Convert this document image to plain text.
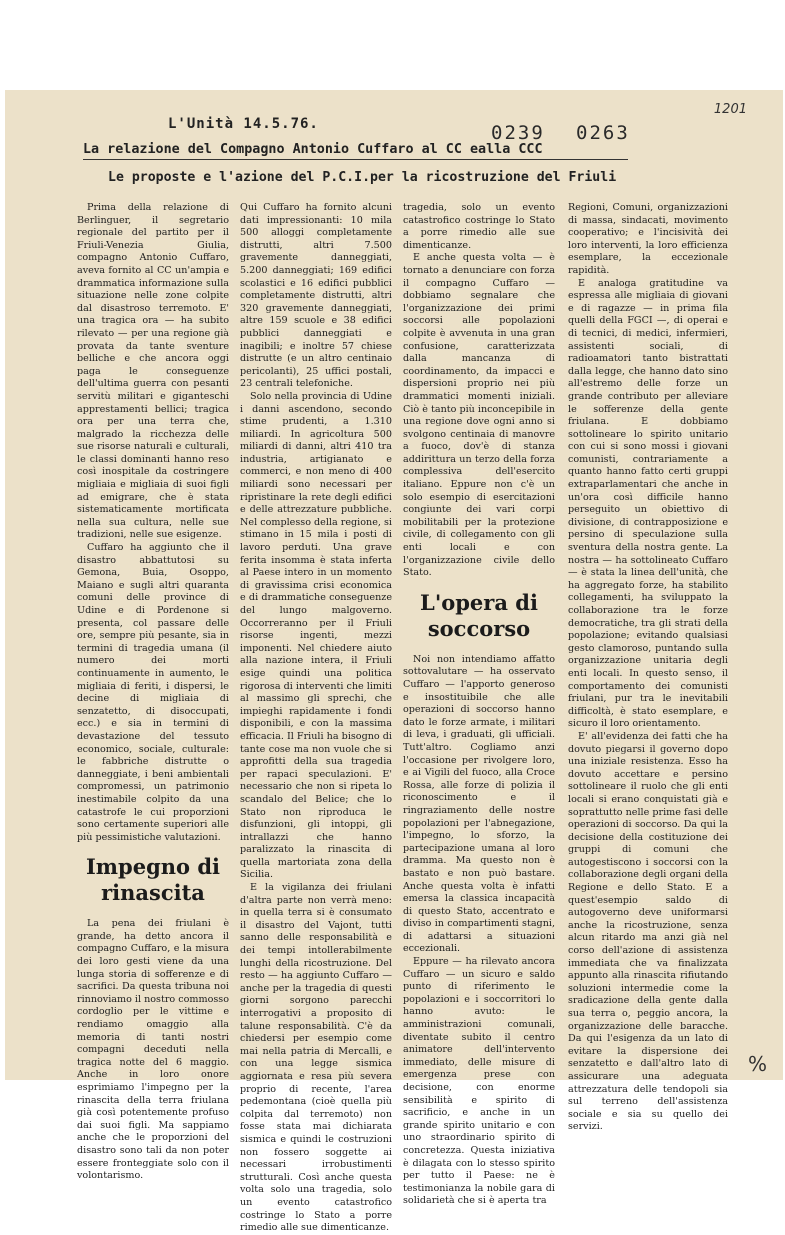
1201
L'Unità 14.5.76.	0239 0263
La relazione del Compagno Antonio Cuffaro al CC ealla CCC
Le proposte e l'azione del P.C.I.per la ricostruzione del Friuli

Prima della relazione di Berlinguer, il segretario regionale del partito per il Friuli-Venezia Giulia, compagno Antonio Cuffaro, aveva fornito al CC un'ampia e drammatica informazione sulla situazione nelle zone colpite dal disastroso terremoto. E' una tragica ora — ha subito rilevato — per una regione già provata da tante sventure belliche e che ancora oggi paga le conseguenze dell'ultima guerra con pesanti servitù militari e giganteschi apprestamenti bellici; tragica ora per una terra che, malgrado la ricchezza delle sue risorse naturali e culturali, le classi dominanti hanno reso così inospitale da costringere migliaia e migliaia di suoi figli ad emigrare, che è stata sistematicamente mortificata nella sua cultura, nelle sue tradizioni, nelle sue esigenze.

Cuffaro ha aggiunto che il disastro abbattutosi su Gemona, Buia, Osoppo, Maiano e sugli altri quaranta comuni delle province di Udine e di Pordenone si presenta, col passare delle ore, sempre più pesante, sia in termini di tragedia umana (il numero dei morti continuamente in aumento, le migliaia di feriti, i dispersi, le decine di migliaia di senzatetto, di disoccupati, ecc.) e sia in termini di devastazione del tessuto economico, sociale, culturale: le fabbriche distrutte o danneggiate, i beni ambientali compromessi, un patrimonio inestimabile colpito da una catastrofe le cui proporzioni sono certamente superiori alle più pessimistiche valutazioni.

Impegno di rinascita

La pena dei friulani è grande, ha detto ancora il compagno Cuffaro, e la misura dei loro gesti viene da una lunga storia di sofferenze e di sacrifici. Da questa tribuna noi rinnoviamo il nostro commosso cordoglio per le vittime e rendiamo omaggio alla memoria di tanti nostri compagni deceduti nella tragica notte del 6 maggio. Anche in loro onore esprimiamo l'impegno per la rinascita della terra friulana già così potentemente profuso dai suoi figli. Ma sappiamo anche che le proporzioni del disastro sono tali da non poter essere fronteggiate solo con il volontarismo.

Qui Cuffaro ha fornito alcuni dati impressionanti: 10 mila 500 alloggi completamente distrutti, altri 7.500 gravemente danneggiati, 5.200 danneggiati; 169 edifici scolastici e 16 edifici pubblici completamente distrutti, altri 320 gravemente danneggiati, altre 159 scuole e 38 edifici pubblici danneggiati e inagibili; e inoltre 57 chiese distrutte (e un altro centinaio pericolanti), 25 uffici postali, 23 centrali telefoniche.

Solo nella provincia di Udine i danni ascendono, secondo stime prudenti, a 1.310 miliardi. In agricoltura 500 miliardi di danni, altri 410 tra industria, artigianato e commerci, e non meno di 400 miliardi sono necessari per ripristinare la rete degli edifici e delle attrezzature pubbliche. Nel complesso della regione, si stimano in 15 mila i posti di lavoro perduti. Una grave ferita insomma è stata inferta al Paese intero in un momento di gravissima crisi economica e di drammatiche conseguenze del lungo malgoverno. Occorreranno per il Friuli risorse ingenti, mezzi imponenti. Nel chiedere aiuto alla nazione intera, il Friuli esige quindi una politica rigorosa di interventi che limiti al massimo gli sprechi, che impieghi rapidamente i fondi disponibili, e con la massima efficacia. Il Friuli ha bisogno di tante cose ma non vuole che si approfitti della sua tragedia per rapaci speculazioni. E' necessario che non si ripeta lo scandalo del Belice; che lo Stato non riproduca le disfunzioni, gli intoppi, gli intrallazzi che hanno paralizzato la rinascita di quella martoriata zona della Sicilia.

E la vigilanza dei friulani d'altra parte non verrà meno: in quella terra si è consumato il disastro del Vajont, tutti sanno delle responsabilità e dei tempi intollerabilmente lunghi della ricostruzione. Del resto — ha aggiunto Cuffaro — anche per la tragedia di questi giorni sorgono parecchi interrogativi a proposito di talune responsabilità. C'è da chiedersi per esempio come mai nella patria di Mercalli, e con una legge sismica aggiornata e resa più severa proprio di recente, l'area pedemontana (cioè quella più colpita dal terremoto) non fosse stata mai dichiarata sismica e quindi le costruzioni non fossero soggette ai necessari irrobustimenti strutturali. Così anche questa volta solo una tragedia, solo un evento catastrofico costringe lo Stato a porre rimedio alle sue dimenticanze.

tragedia, solo un evento catastrofico costringe lo Stato a porre rimedio alle sue dimenticanze.

E anche questa volta — è tornato a denunciare con forza il compagno Cuffaro — dobbiamo segnalare che l'organizzazione dei primi soccorsi alle popolazioni colpite è avvenuta in una gran confusione, caratterizzata dalla mancanza di coordinamento, da impacci e dispersioni proprio nei più drammatici momenti iniziali. Ciò è tanto più inconcepibile in una regione dove ogni anno si svolgono centinaia di manovre a fuoco, dov'è di stanza addirittura un terzo della forza complessiva dell'esercito italiano. Eppure non c'è un solo esempio di esercitazioni congiunte dei vari corpi mobilitabili per la protezione civile, di collegamento con gli enti locali e con l'organizzazione civile dello Stato.

L'opera di soccorso

Noi non intendiamo affatto sottovalutare — ha osservato Cuffaro — l'apporto generoso e insostituibile che alle operazioni di soccorso hanno dato le forze armate, i militari di leva, i graduati, gli ufficiali. Tutt'altro. Cogliamo anzi l'occasione per rivolgere loro, e ai Vigili del fuoco, alla Croce Rossa, alle forze di polizia il riconoscimento e il ringraziamento delle nostre popolazioni per l'abnegazione, l'impegno, lo sforzo, la partecipazione umana al loro dramma. Ma questo non è bastato e non può bastare. Anche questa volta è infatti emersa la classica incapacità di questo Stato, accentrato e diviso in compartimenti stagni, di adattarsi a situazioni eccezionali.

Eppure — ha rilevato ancora Cuffaro — un sicuro e saldo punto di riferimento le popolazioni e i soccorritori lo hanno avuto: le amministrazioni comunali, diventate subito il centro animatore dell'intervento immediato, delle misure di emergenza prese con decisione, con enorme sensibilità e spirito di sacrificio, e anche in un grande spirito unitario e con uno straordinario spirito di concretezza. Questa iniziativa è dilagata con lo stesso spirito per tutto il Paese: ne è testimonianza la nobile gara di solidarietà che si è aperta tra

Regioni, Comuni, organizzazioni di massa, sindacati, movimento cooperativo; e l'incisività dei loro interventi, la loro efficienza esemplare, la eccezionale rapidità.

E analoga gratitudine va espressa alle migliaia di giovani e di ragazze — in prima fila quelli della FGCI —, di operai e di tecnici, di medici, infermieri, assistenti sociali, di radioamatori tanto bistrattati dalla legge, che hanno dato sino all'estremo delle forze un grande contributo per alleviare le sofferenze della gente friulana. E dobbiamo sottolineare lo spirito unitario con cui si sono mossi i giovani comunisti, contrariamente a quanto hanno fatto certi gruppi extraparlamentari che anche in un'ora così difficile hanno perseguito un obiettivo di divisione, di contrapposizione e persino di speculazione sulla sventura della nostra gente. La nostra — ha sottolineato Cuffaro — è stata la linea dell'unità, che ha aggregato forze, ha stabilito collegamenti, ha sviluppato la collaborazione tra le forze democratiche, tra gli strati della popolazione; evitando qualsiasi gesto clamoroso, puntando sulla organizzazione unitaria degli enti locali. In questo senso, il comportamento dei comunisti friulani, pur tra le inevitabili difficoltà, è stato esemplare, e sicuro il loro orientamento.

E' all'evidenza dei fatti che ha dovuto piegarsi il governo dopo una iniziale resistenza. Esso ha dovuto accettare e persino sottolineare il ruolo che gli enti locali si erano conquistati già e soprattutto nelle prime fasi delle operazioni di soccorso. Da qui la decisione della costituzione dei gruppi di comuni che autogestiscono i soccorsi con la collaborazione degli organi della Regione e dello Stato. E a quest'esempio saldo di autogoverno deve uniformarsi anche la ricostruzione, senza alcun ritardo ma anzi già nel corso dell'azione di assistenza immediata che va finalizzata appunto alla rinascita rifiutando soluzioni intermedie come la sradicazione della gente dalla sua terra o, peggio ancora, la organizzazione delle baracche. Da qui l'esigenza da un lato di evitare la dispersione dei senzatetto e dall'altro lato di assicurare una adeguata attrezzatura delle tendopoli sia sul terreno dell'assistenza sociale e sia su quello dei servizi.

%
